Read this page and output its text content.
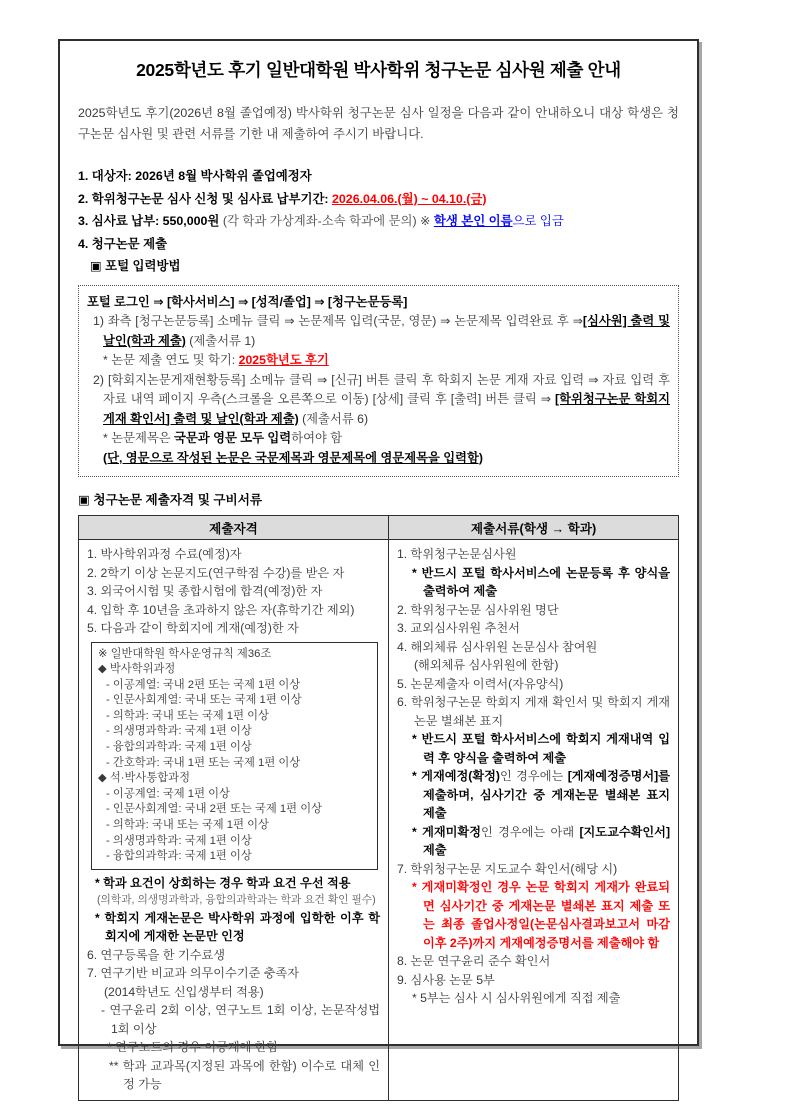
2025학년도 후기 일반대학원 박사학위 청구논문 심사원 제출 안내
2025학년도 후기(2026년 8월 졸업예정) 박사학위 청구논문 심사 일정을 다음과 같이 안내하오니 대상 학생은 청구논문 심사원 및 관련 서류를 기한 내 제출하여 주시기 바랍니다.
1. 대상자: 2026년 8월 박사학위 졸업예정자
2. 학위청구논문 심사 신청 및 심사료 납부기간: 2026.04.06.(월) ~ 04.10.(금)
3. 심사료 납부: 550,000원 (각 학과 가상계좌-소속 학과에 문의) ※ 학생 본인 이름으로 입금
4. 청구논문 제출
▣ 포털 입력방법
포털 로그인 ⇒ [학사서비스] ⇒ [성적/졸업] ⇒ [청구논문등록]
1) 좌측 [청구논문등록] 소메뉴 클릭 ⇒ 논문제목 입력(국문, 영문) ⇒ 논문제목 입력완료 후 ⇒[심사원] 출력 및 날인(학과 제출) (제출서류 1)
* 논문 제출 연도 및 학기: 2025학년도 후기
2) [학회지논문게재현황등록] 소메뉴 클릭 ⇒ [신규] 버튼 클릭 후 학회지 논문 게재 자료 입력 ⇒ 자료 입력 후 자료 내역 페이지 우측(스크롤을 오른쪽으로 이동) [상세] 클릭 후 [출력] 버튼 클릭 ⇒ [학위청구논문 학회지 게재 확인서] 출력 및 날인(학과 제출) (제출서류 6)
* 논문제목은 국문과 영문 모두 입력하여야 함
(단, 영문으로 작성된 논문은 국문제목과 영문제목에 영문제목을 입력함)
▣ 청구논문 제출자격 및 구비서류
제출자격	제출서류(학생 → 학과)

1. 박사학위과정 수료(예정)자
2. 2학기 이상 논문지도(연구학점 수강)를 받은 자
3. 외국어시험 및 종합시험에 합격(예정)한 자
4. 입학 후 10년을 초과하지 않은 자(휴학기간 제외)
5. 다음과 같이 학회지에 게재(예정)한 자
※ 일반대학원 학사운영규칙 제36조
◆ 박사학위과정
- 이공계열: 국내 2편 또는 국제 1편 이상
- 인문사회계열: 국내 또는 국제 1편 이상
- 의학과: 국내 또는 국제 1편 이상
- 의생명과학과: 국제 1편 이상
- 융합의과학과: 국제 1편 이상
- 간호학과: 국내 1편 또는 국제 1편 이상
◆ 석·박사통합과정
- 이공계열: 국제 1편 이상
- 인문사회계열: 국내 2편 또는 국제 1편 이상
- 의학과: 국내 또는 국제 1편 이상
- 의생명과학과: 국제 1편 이상
- 융합의과학과: 국제 1편 이상
* 학과 요건이 상회하는 경우 학과 요건 우선 적용
(의학과, 의생명과학과, 융합의과학과는 학과 요건 확인 필수)
* 학회지 게재논문은 박사학위 과정에 입학한 이후 학회지에 게재한 논문만 인정
6. 연구등록을 한 기수료생
7. 연구기반 비교과 의무이수기준 충족자
(2014학년도 신입생부터 적용)
- 연구윤리 2회 이상, 연구노트 1회 이상, 논문작성법 1회 이상
* 연구노트의 경우 이공계에 한함
** 학과 교과목(지정된 과목에 한함) 이수로 대체 인정 가능

1. 학위청구논문심사원
* 반드시 포털 학사서비스에 논문등록 후 양식을 출력하여 제출
2. 학위청구논문 심사위원 명단
3. 교외심사위원 추천서
4. 해외체류 심사위원 논문심사 참여원
(해외체류 심사위원에 한함)
5. 논문제출자 이력서(자유양식)
6. 학위청구논문 학회지 게재 확인서 및 학회지 게재논문 별쇄본 표지
* 반드시 포털 학사서비스에 학회지 게재내역 입력 후 양식을 출력하여 제출
* 게재예정(확정)인 경우에는 [게재예정증명서]를 제출하며, 심사기간 중 게재논문 별쇄본 표지 제출
* 게재미확정인 경우에는 아래 [지도교수확인서] 제출
7. 학위청구논문 지도교수 확인서(해당 시)
* 게재미확정인 경우 논문 학회지 게재가 완료되면 심사기간 중 게재논문 별쇄본 표지 제출 또는 최종 졸업사정일(논문심사결과보고서 마감 이후 2주)까지 게재예정증명서를 제출해야 함
8. 논문 연구윤리 준수 확인서
9. 심사용 논문 5부
* 5부는 심사 시 심사위원에게 직접 제출
